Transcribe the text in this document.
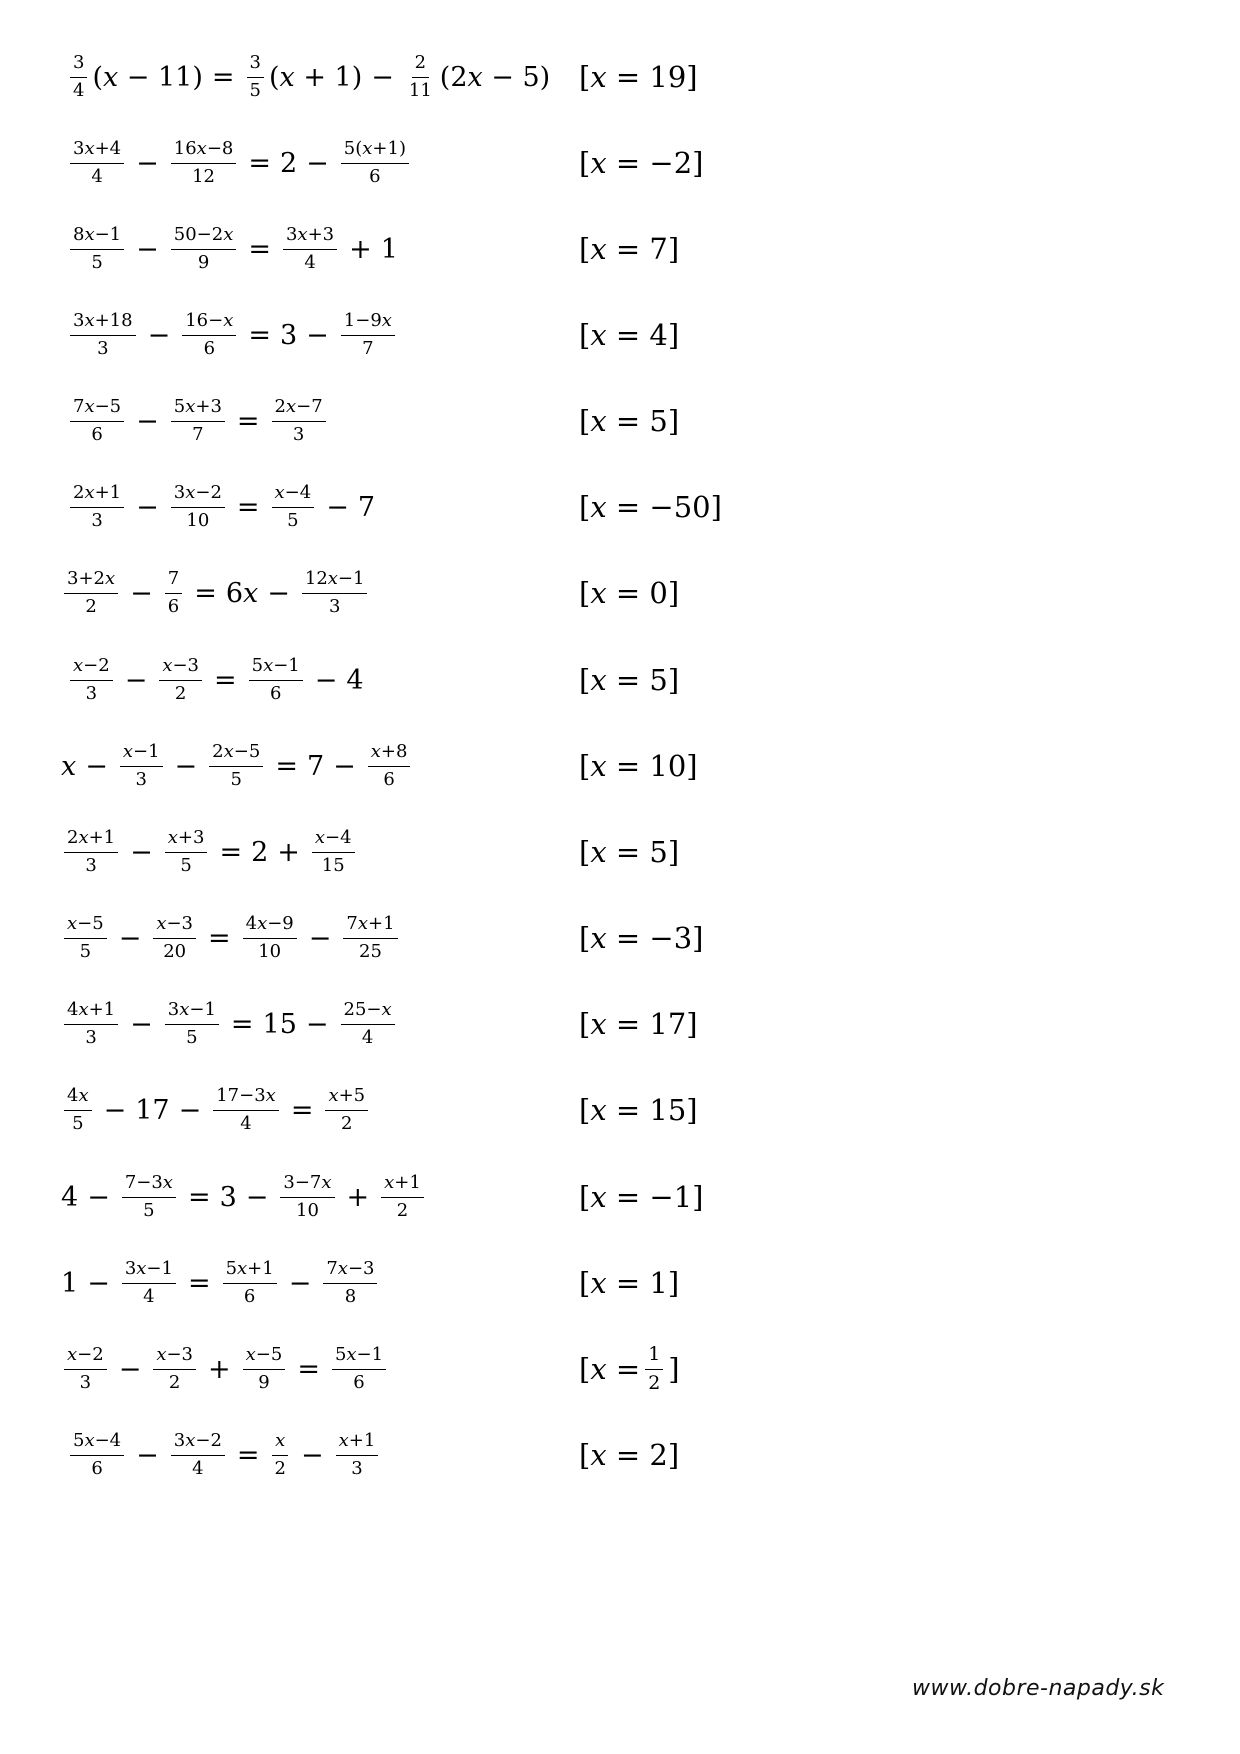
$\frac{3}{4}$ (𝑥 − $11) = \frac{3}{5}$ (𝑥 + $1) - \frac{2}{11}$ (2𝑥 − 5) [𝑥 = 19]
$\frac{\text{3𝑥+4}}{4} - \frac{\text{16𝑥−8}}{12} = 2 - \frac{\text{5(𝑥+1)}}{6}$	[𝑥 = −2]
$\frac{\text{8𝑥−1}}{5} - \frac{\text{50−2𝑥}}{9} = \frac{\text{3𝑥+3}}{4} + 1$	[𝑥 = 7]
$\frac{\text{3𝑥+18}}{3} - \frac{\text{16−𝑥}}{6} = 3 - \frac{\text{1−9𝑥}}{7}$	[𝑥 = 4]
$\frac{\text{7𝑥−5}}{6} - \frac{\text{5𝑥+3}}{7} = \frac{\text{2𝑥−7}}{3}$	[𝑥 = 5]
$\frac{\text{2𝑥+1}}{3} - \frac{\text{3𝑥−2}}{10} = \frac{\text{𝑥−4}}{5} - 7$	[𝑥 = −50]
$\frac{\text{3+2𝑥}}{2} - \frac{7}{6}$ = 6𝑥 − $\frac{\text{12𝑥−1}}{3}$	[𝑥 = 0]
$\frac{\text{𝑥−2}}{3} - \frac{\text{𝑥−3}}{2} = \frac{\text{5𝑥−1}}{6} - 4$	[𝑥 = 5]
𝑥 − $\frac{\text{𝑥−1}}{3} - \frac{\text{2𝑥−5}}{5} = 7 - \frac{\text{𝑥+8}}{6}$	[𝑥 = 10]
$\frac{\text{2𝑥+1}}{3} - \frac{\text{𝑥+3}}{5} = 2 + \frac{\text{𝑥−4}}{15}$	[𝑥 = 5]
$\frac{\text{𝑥−5}}{5} - \frac{\text{𝑥−3}}{20} = \frac{\text{4𝑥−9}}{10} - \frac{\text{7𝑥+1}}{25}$	[𝑥 = −3]
$\frac{\text{4𝑥+1}}{3} - \frac{\text{3𝑥−1}}{5} = 15 - \frac{\text{25−𝑥}}{4}$	[𝑥 = 17]
$\frac{\text{4𝑥}}{5} - 17 - \frac{\text{17−3𝑥}}{4} = \frac{\text{𝑥+5}}{2}$	[𝑥 = 15]
$4 - \frac{\text{7−3𝑥}}{5} = 3 - \frac{\text{3−7𝑥}}{10} + \frac{\text{𝑥+1}}{2}$	[𝑥 = −1]
$1 - \frac{\text{3𝑥−1}}{4} = \frac{\text{5𝑥+1}}{6} - \frac{\text{7𝑥−3}}{8}$	[𝑥 = 1]
$\frac{\text{𝑥−2}}{3} - \frac{\text{𝑥−3}}{2} + \frac{\text{𝑥−5}}{9} = \frac{\text{5𝑥−1}}{6}$	[𝑥 = $\frac{1}{2}$ ]
$\frac{\text{5𝑥−4}}{6} - \frac{\text{3𝑥−2}}{4} = \frac{\text{𝑥}}{2} - \frac{\text{𝑥+1}}{3}$	[𝑥 = 2]
www.dobre-napady.sk
